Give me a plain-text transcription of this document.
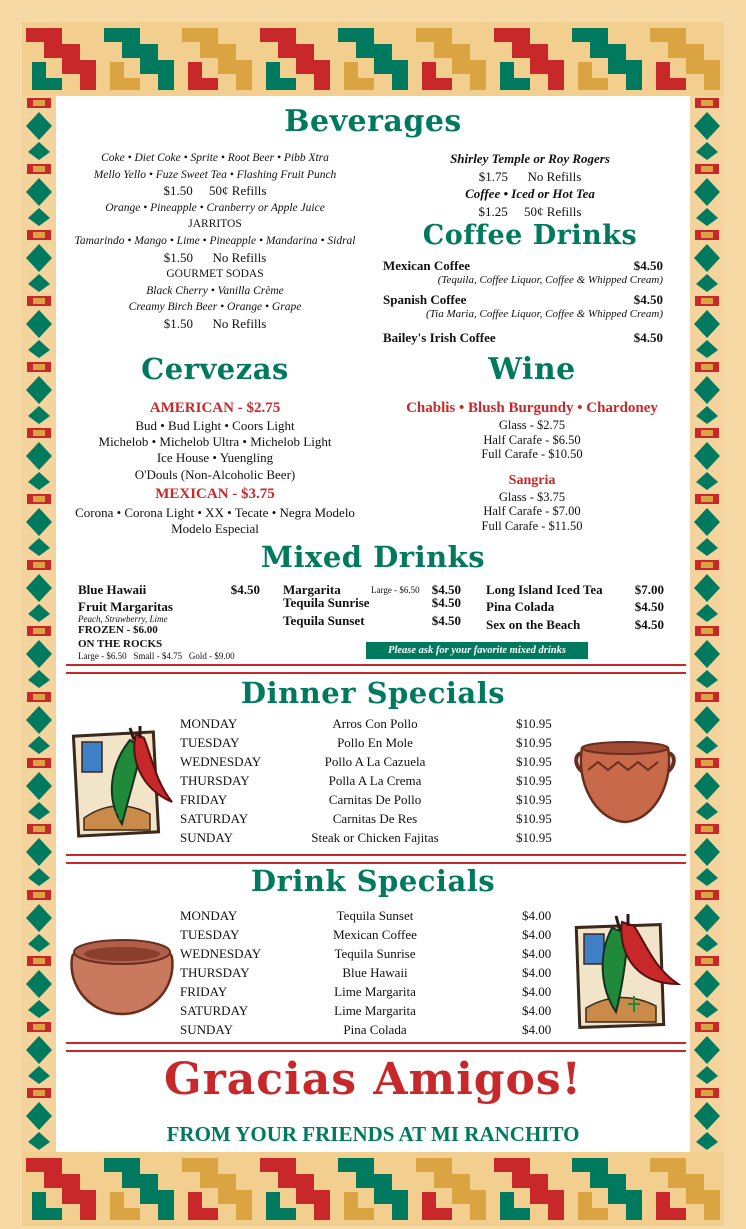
Beverages
Coke • Diet Coke • Sprite • Root Beer • Pibb Xtra
Mello Yello • Fuze Sweet Tea • Flashing Fruit Punch
$1.50     50¢ Refills
Orange • Pineapple • Cranberry or Apple Juice
JARRITOS
Tamarindo • Mango • Lime • Pineapple • Mandarina • Sidral
$1.50      No Refills
GOURMET SODAS
Black Cherry • Vanilla Crème
Creamy Birch Beer • Orange • Grape
$1.50      No Refills
Shirley Temple or Roy Rogers
$1.75      No Refills
Coffee • Iced or Hot Tea
$1.25     50¢ Refills
Coffee Drinks
Mexican Coffee	$4.50
(Tequila, Coffee Liquor, Coffee & Whipped Cream)
Spanish Coffee	$4.50
(Tia Maria, Coffee Liquor, Coffee & Whipped Cream)
Bailey's Irish Coffee	$4.50
Cervezas
AMERICAN - $2.75
Bud • Bud Light • Coors Light
Michelob • Michelob Ultra • Michelob Light
Ice House • Yuengling
O'Douls (Non-Alcoholic Beer)
MEXICAN - $3.75
Corona • Corona Light • XX • Tecate • Negra Modelo
Modelo Especial
Wine
Chablis • Blush Burgundy • Chardoney
Glass - $2.75
Half Carafe - $6.50
Full Carafe - $10.50
Sangria
Glass - $3.75
Half Carafe - $7.00
Full Carafe - $11.50
Mixed Drinks
Blue Hawaii	$4.50
Fruit Margaritas
Peach, Strawberry, Lime
FROZEN - $6.00
ON THE ROCKS
Large - $6.50   Small - $4.75   Gold - $9.00
Margarita	Large - $6.50 $4.50
Tequila Sunrise	$4.50
Tequila Sunset	$4.50
Long Island Iced Tea $7.00
Pina Colada	$4.50
Sex on the Beach	$4.50
Please ask for your favorite mixed drinks
Dinner Specials
MONDAY	Arros Con Pollo	$10.95
TUESDAY	Pollo En Mole	$10.95
WEDNESDAY	Pollo A La Cazuela	$10.95
THURSDAY	Polla A La Crema	$10.95
FRIDAY	Carnitas De Pollo	$10.95
SATURDAY	Carnitas De Res	$10.95
SUNDAY	Steak or Chicken Fajitas	$10.95
Drink Specials
MONDAY	Tequila Sunset	$4.00
TUESDAY	Mexican Coffee	$4.00
WEDNESDAY	Tequila Sunrise	$4.00
THURSDAY	Blue Hawaii	$4.00
FRIDAY	Lime Margarita	$4.00
SATURDAY	Lime Margarita	$4.00
SUNDAY	Pina Colada	$4.00
Gracias Amigos!
FROM YOUR FRIENDS AT MI RANCHITO
